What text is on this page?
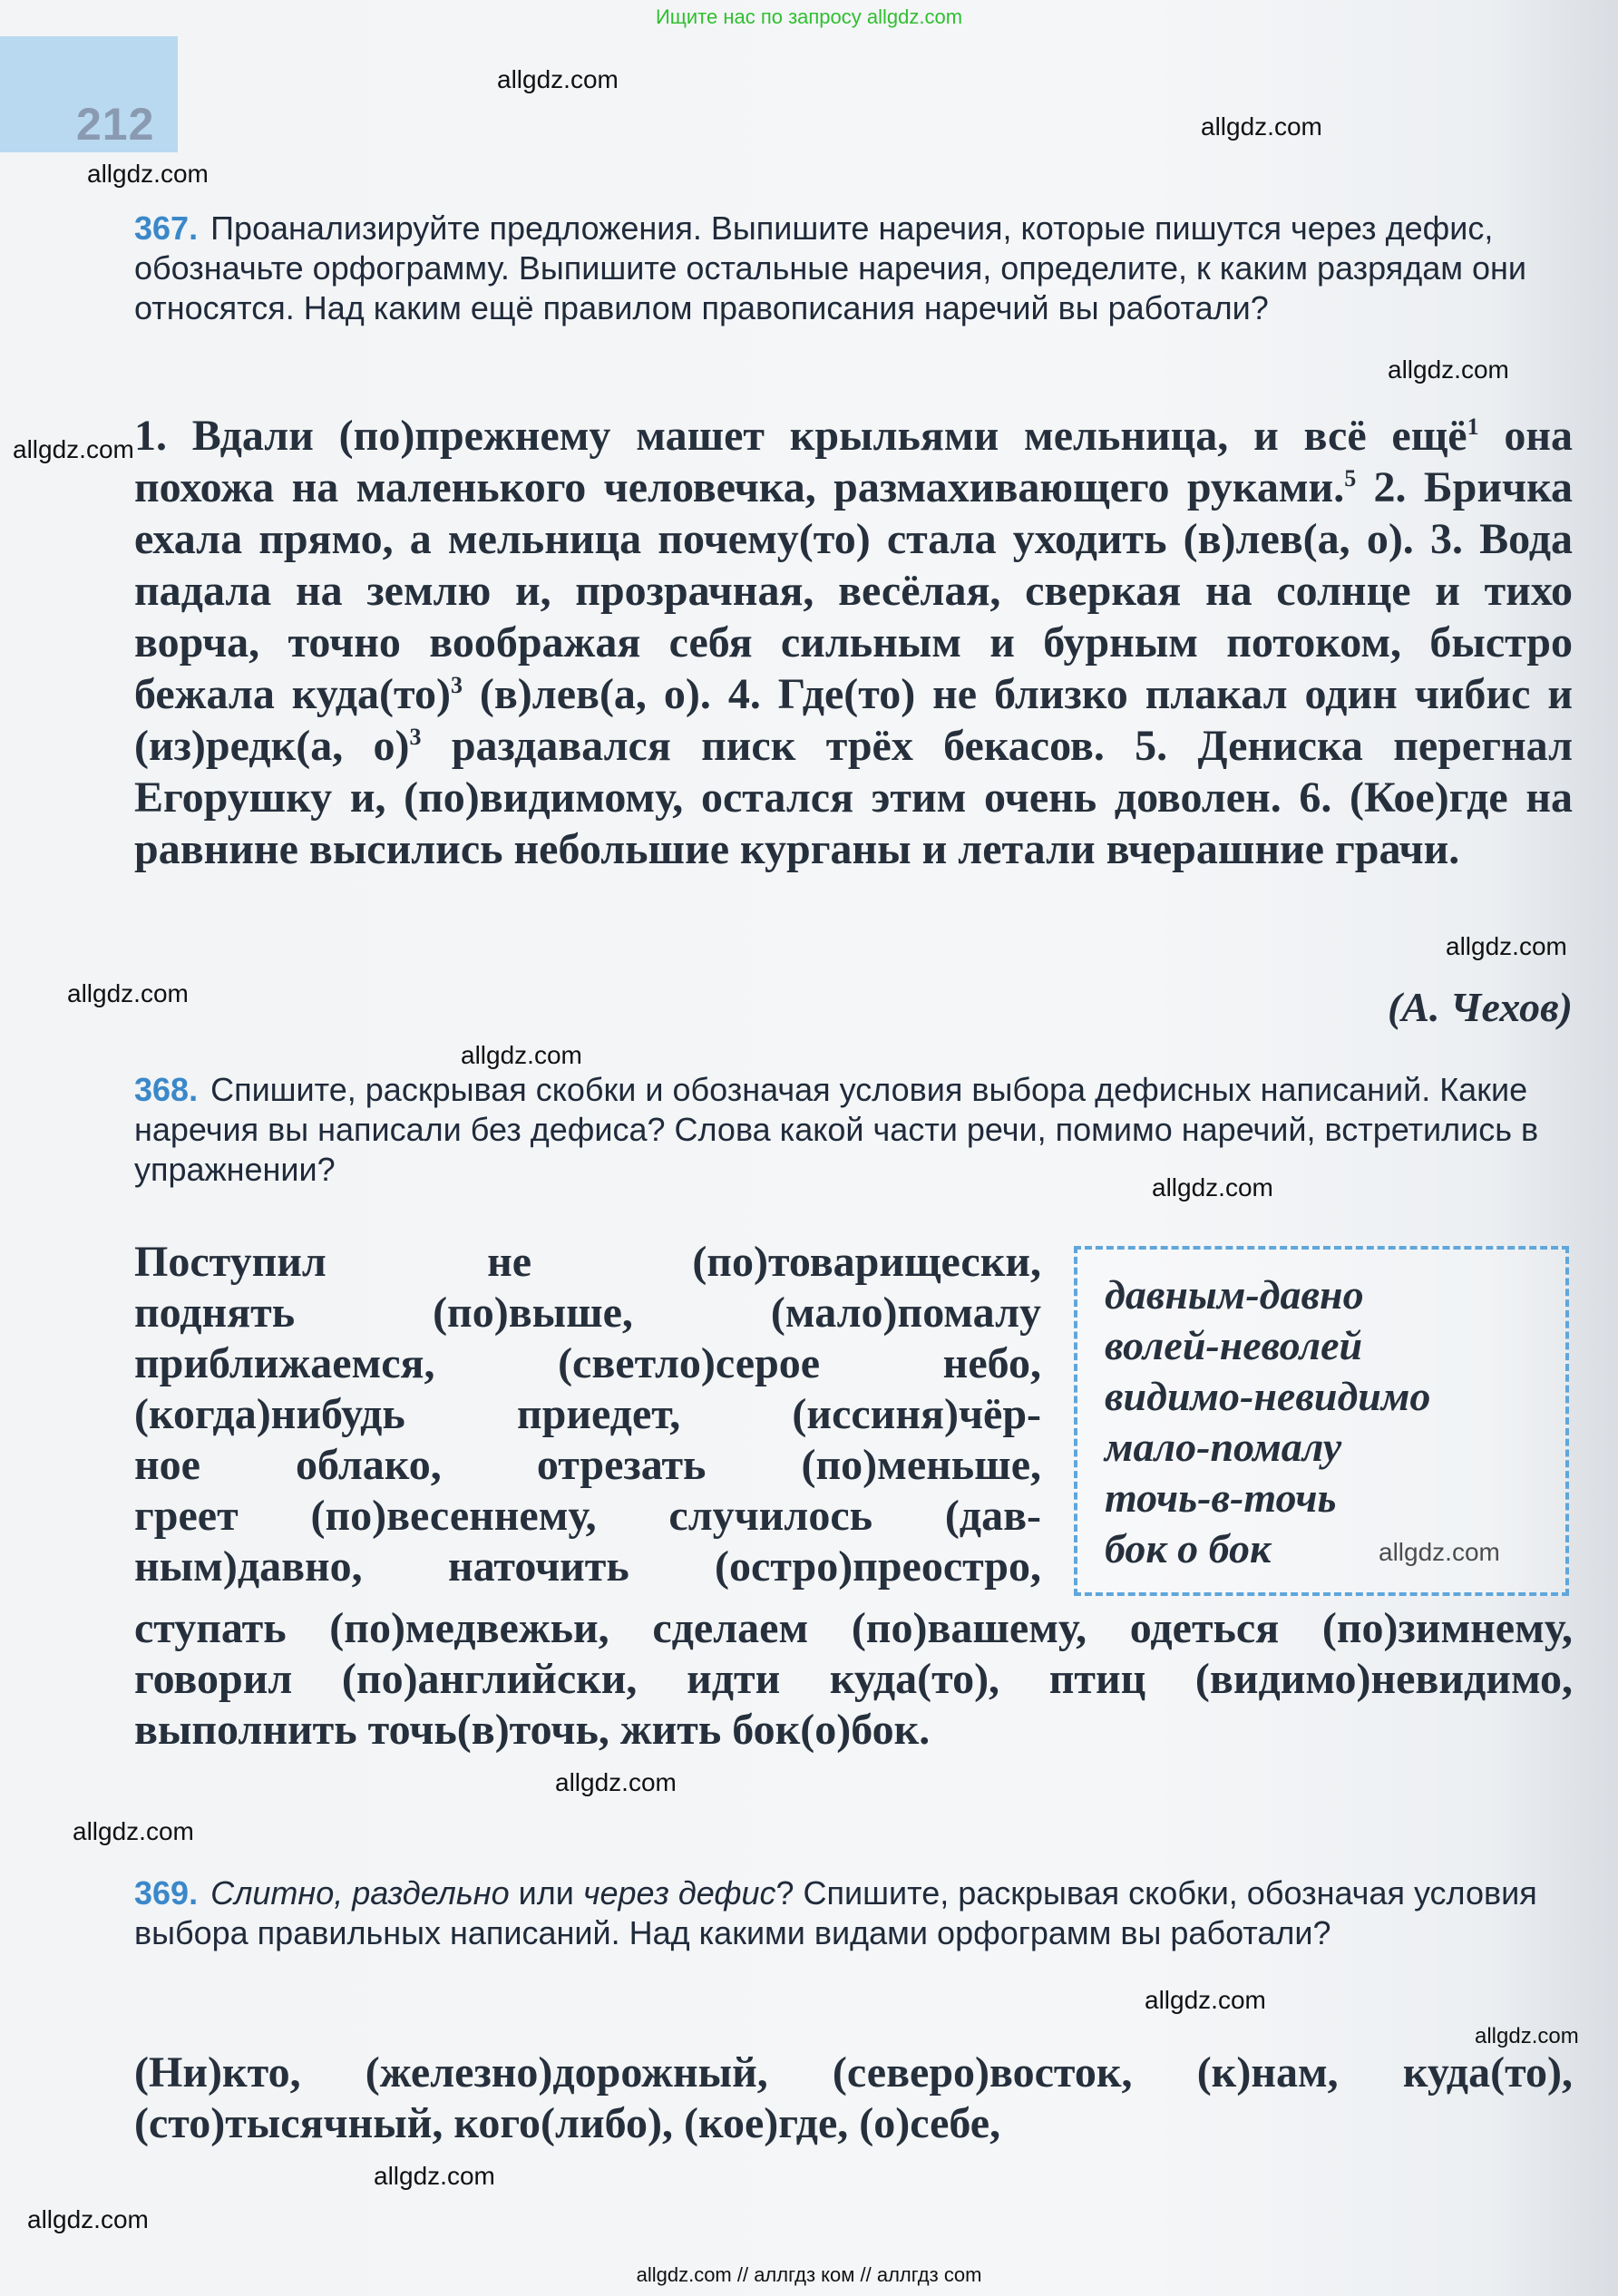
Ищите нас по запросу allgdz.com
212
allgdz.com
allgdz.com
allgdz.com
allgdz.com
allgdz.com
allgdz.com
allgdz.com
allgdz.com
allgdz.com
allgdz.com
allgdz.com
allgdz.com
allgdz.com
allgdz.com
allgdz.com
allgdz.com
367. Проанализируйте предложения. Выпишите наречия, которые пишутся через дефис, обозначьте орфограмму. Выпишите остальные наречия, определите, к каким разрядам они относятся. Над каким ещё правилом правописания наречий вы работали?
1. Вдали (по)прежнему машет крыльями мельница, и всё ещё$^1$ она похожа на маленького человечка, размахивающего руками.$^5$ 2. Бричка ехала прямо, а мельница почему(то) стала уходить (в)лев(а, о). 3. Вода падала на землю и, прозрачная, весёлая, сверкая на солнце и тихо ворча, точно воображая себя сильным и бурным потоком, быстро бежала куда(то)$^3$ (в)лев(а, о). 4. Где(то) не близко плакал один чибис и (из)редк(а, о)$^3$ раздавался писк трёх бекасов. 5. Дениска перегнал Егорушку и, (по)видимому, остался этим очень доволен. 6. (Кое)где на равнине высились небольшие курганы и летали вчерашние грачи.
(А. Чехов)
368. Спишите, раскрывая скобки и обозначая условия выбора дефисных написаний. Какие наречия вы написали без дефиса? Слова какой части речи, помимо наречий, встретились в упражнении?
Поступил не (по)товарищески,
поднять (по)выше, (мало)помалу
приближаемся, (светло)серое небо,
(когда)нибудь приедет, (иссиня)чёр-
ное облако, отрезать (по)меньше,
греет (по)весеннему, случилось (дав-
ным)давно, наточить (остро)преостро,
давным-давно
волей-неволей
видимо-невидимо
мало-помалу
точь-в-точь
бок о бок
ступать (по)медвежьи, сделаем (по)вашему, одеться (по)зимнему, говорил (по)английски, идти куда(то), птиц (видимо)невидимо, выполнить точь(в)точь, жить бок(о)бок.
369. Слитно, раздельно или через дефис? Спишите, раскрывая скобки, обозначая условия выбора правильных написаний. Над какими видами орфограмм вы работали?
(Ни)кто, (железно)дорожный, (северо)восток, (к)нам, куда(то), (сто)тысячный, кого(либо), (кое)где, (о)себе,
allgdz.com // аллгдз ком // аллгдз com
